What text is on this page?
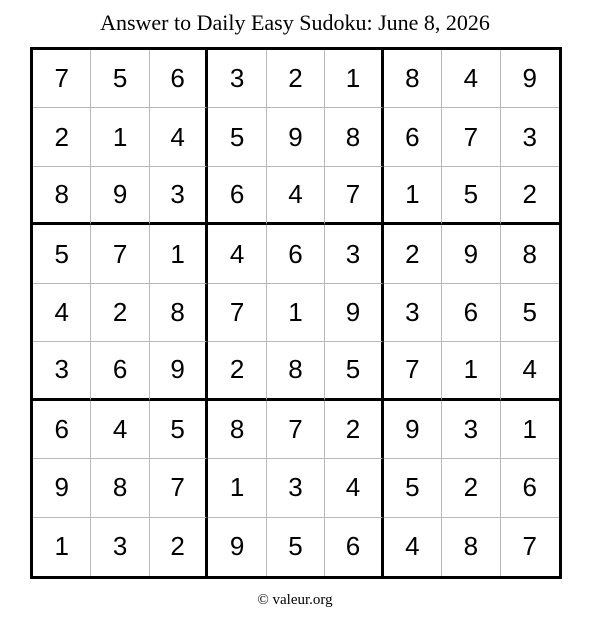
Answer to Daily Easy Sudoku: June 8, 2026
7	5	6	3	2	1	8	4	9
2	1	4	5	9	8	6	7	3
8	9	3	6	4	7	1	5	2
5	7	1	4	6	3	2	9	8
4	2	8	7	1	9	3	6	5
3	6	9	2	8	5	7	1	4
6	4	5	8	7	2	9	3	1
9	8	7	1	3	4	5	2	6
1	3	2	9	5	6	4	8	7
© valeur.org
